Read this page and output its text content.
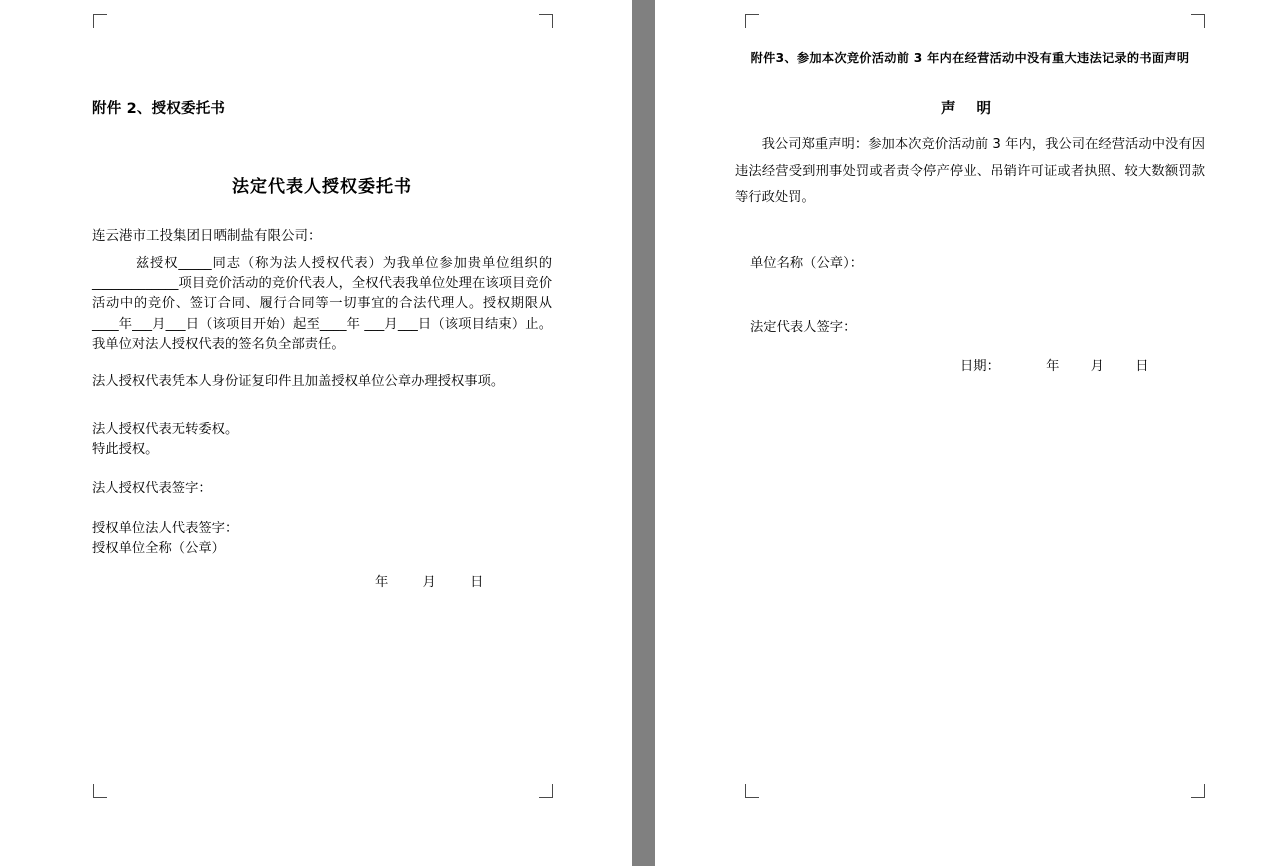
附件 2、授权委托书
法定代表人授权委托书
连云港市工投集团日晒制盐有限公司：
兹授权_____同志（称为法人授权代表）为我单位参加贵单位组织的_____________项目竞价活动的竞价代表人，全权代表我单位处理在该项目竞价活动中的竞价、签订合同、履行合同等一切事宜的合法代理人。授权期限从____年___月___日（该项目开始）起至____年 ___月___日（该项目结束）止。我单位对法人授权代表的签名负全部责任。
法人授权代表凭本人身份证复印件且加盖授权单位公章办理授权事项。
法人授权代表无转委权。
特此授权。
法人授权代表签字：
授权单位法人代表签字：
授权单位全称（公章）
年	月	日
附件3、参加本次竞价活动前 3 年内在经营活动中没有重大违法记录的书面声明
声 明
我公司郑重声明：参加本次竞价活动前 3 年内，我公司在经营活动中没有因违法经营受到刑事处罚或者责令停产停业、吊销许可证或者执照、较大数额罚款等行政处罚。
单位名称（公章）：
法定代表人签字：
日期：	年 月 日
